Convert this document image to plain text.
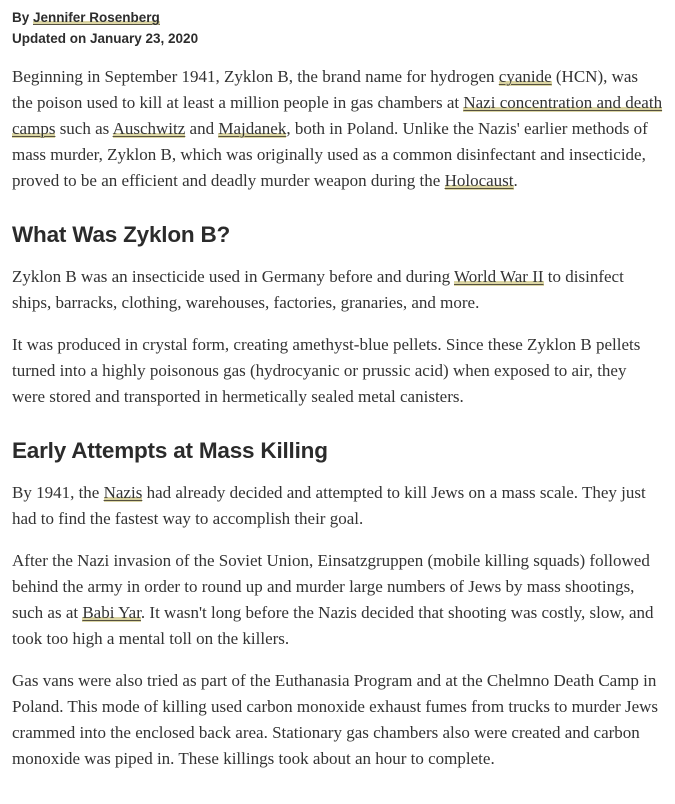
By Jennifer Rosenberg
Updated on January 23, 2020

Beginning in September 1941, Zyklon B, the brand name for hydrogen cyanide (HCN), was the poison used to kill at least a million people in gas chambers at Nazi concentration and death camps such as Auschwitz and Majdanek, both in Poland. Unlike the Nazis' earlier methods of mass murder, Zyklon B, which was originally used as a common disinfectant and insecticide, proved to be an efficient and deadly murder weapon during the Holocaust.

What Was Zyklon B?

Zyklon B was an insecticide used in Germany before and during World War II to disinfect ships, barracks, clothing, warehouses, factories, granaries, and more.

It was produced in crystal form, creating amethyst-blue pellets. Since these Zyklon B pellets turned into a highly poisonous gas (hydrocyanic or prussic acid) when exposed to air, they were stored and transported in hermetically sealed metal canisters.

Early Attempts at Mass Killing

By 1941, the Nazis had already decided and attempted to kill Jews on a mass scale. They just had to find the fastest way to accomplish their goal.

After the Nazi invasion of the Soviet Union, Einsatzgruppen (mobile killing squads) followed behind the army in order to round up and murder large numbers of Jews by mass shootings, such as at Babi Yar. It wasn't long before the Nazis decided that shooting was costly, slow, and took too high a mental toll on the killers.

Gas vans were also tried as part of the Euthanasia Program and at the Chelmno Death Camp in Poland. This mode of killing used carbon monoxide exhaust fumes from trucks to murder Jews crammed into the enclosed back area. Stationary gas chambers also were created and carbon monoxide was piped in. These killings took about an hour to complete.
